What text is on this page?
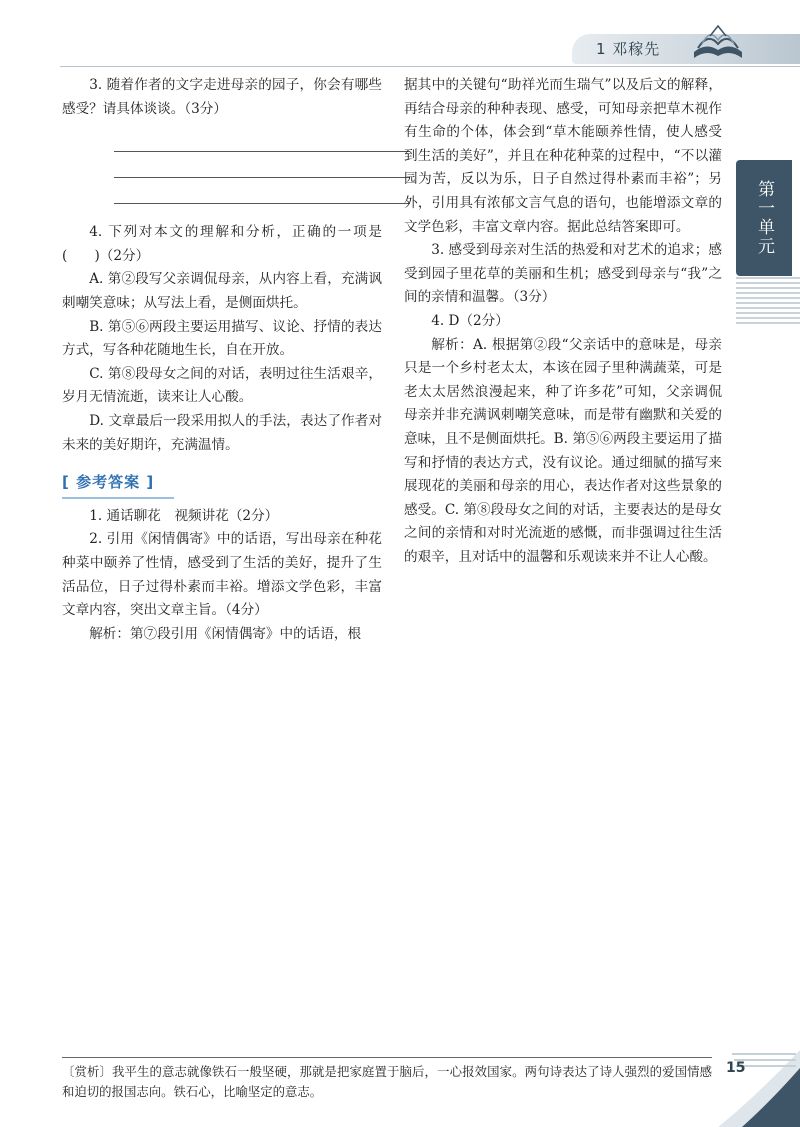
1 邓稼先
第一单元

3. 随着作者的文字走进母亲的园子，你会有哪些感受？请具体谈谈。（3分）

4. 下列对本文的理解和分析，正确的一项是(　　)（2分）

A. 第②段写父亲调侃母亲，从内容上看，充满讽刺嘲笑意味；从写法上看，是侧面烘托。

B. 第⑤⑥两段主要运用描写、议论、抒情的表达方式，写各种花随地生长，自在开放。

C. 第⑧段母女之间的对话，表明过往生活艰辛，岁月无情流逝，读来让人心酸。

D. 文章最后一段采用拟人的手法，表达了作者对未来的美好期许，充满温情。

[ 参考答案 ]

1. 通话聊花　视频讲花（2分）

2. 引用《闲情偶寄》中的话语，写出母亲在种花种菜中颐养了性情，感受到了生活的美好，提升了生活品位，日子过得朴素而丰裕。增添文学色彩，丰富文章内容，突出文章主旨。（4分）

解析：第⑦段引用《闲情偶寄》中的话语，根

据其中的关键句“助祥光而生瑞气”以及后文的解释，再结合母亲的种种表现、感受，可知母亲把草木视作有生命的个体，体会到“草木能颐养性情，使人感受到生活的美好”，并且在种花种菜的过程中，“不以灌园为苦，反以为乐，日子自然过得朴素而丰裕”；另外，引用具有浓郁文言气息的语句，也能增添文章的文学色彩，丰富文章内容。据此总结答案即可。

3. 感受到母亲对生活的热爱和对艺术的追求；感受到园子里花草的美丽和生机；感受到母亲与“我”之间的亲情和温馨。（3分）

4. D（2分）

解析：A. 根据第②段“父亲话中的意味是，母亲只是一个乡村老太太，本该在园子里种满蔬菜，可是老太太居然浪漫起来，种了许多花”可知，父亲调侃母亲并非充满讽刺嘲笑意味，而是带有幽默和关爱的意味，且不是侧面烘托。B. 第⑤⑥两段主要运用了描写和抒情的表达方式，没有议论。通过细腻的描写来展现花的美丽和母亲的用心，表达作者对这些景象的感受。C. 第⑧段母女之间的对话，主要表达的是母女之间的亲情和对时光流逝的感慨，而非强调过往生活的艰辛，且对话中的温馨和乐观读来并不让人心酸。

〔赏析〕我平生的意志就像铁石一般坚硬，那就是把家庭置于脑后，一心报效国家。两句诗表达了诗人强烈的爱国情感和迫切的报国志向。铁石心，比喻坚定的意志。
15
